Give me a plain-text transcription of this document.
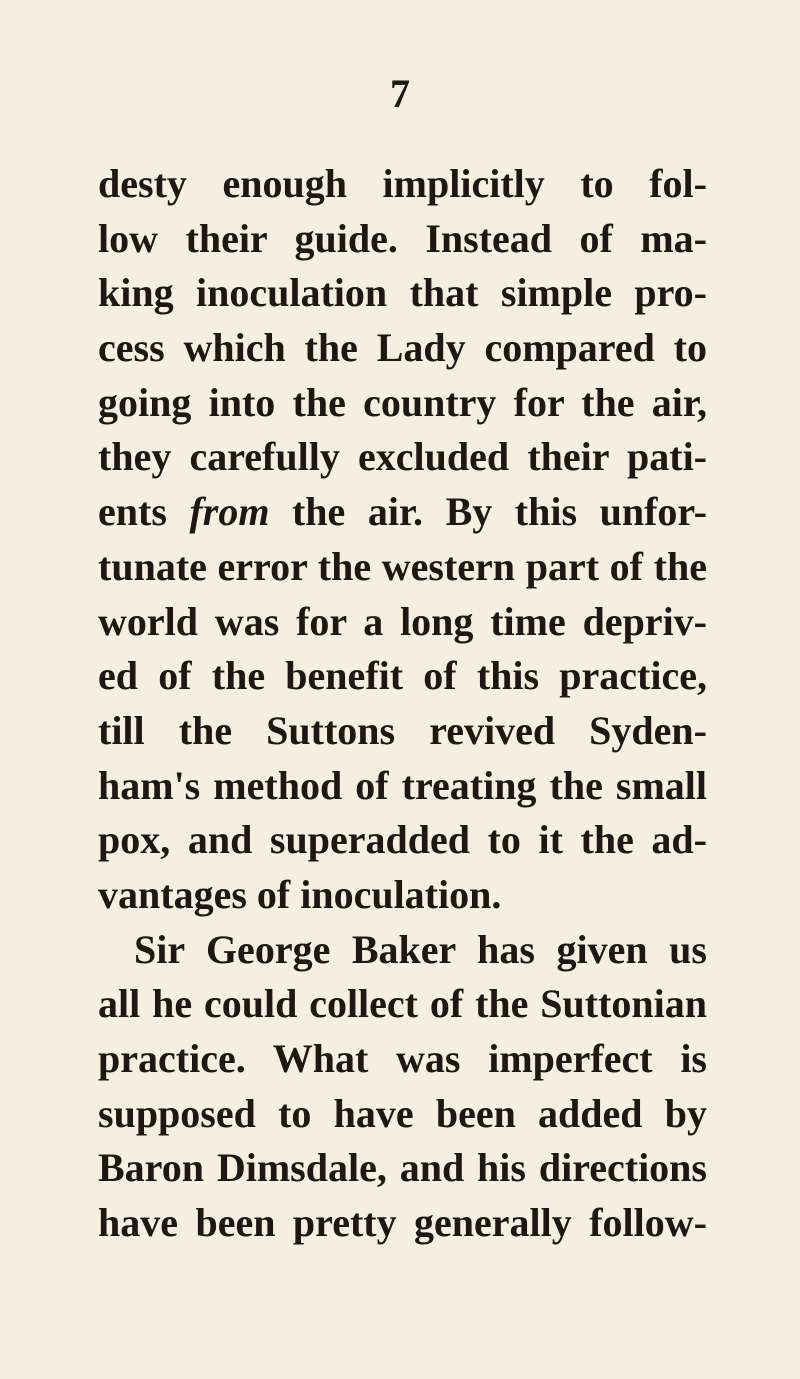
7
desty enough implicitly to fol-
low their guide. Instead of ma-
king inoculation that simple pro-
cess which the Lady compared to
going into the country for the air,
they carefully excluded their pati-
ents from the air. By this unfor-
tunate error the western part of the
world was for a long time depriv-
ed of the benefit of this practice,
till the Suttons revived Syden-
ham's method of treating the small
pox, and superadded to it the ad-
vantages of inoculation.
Sir George Baker has given us
all he could collect of the Suttonian
practice. What was imperfect is
supposed to have been added by
Baron Dimsdale, and his directions
have been pretty generally follow-
